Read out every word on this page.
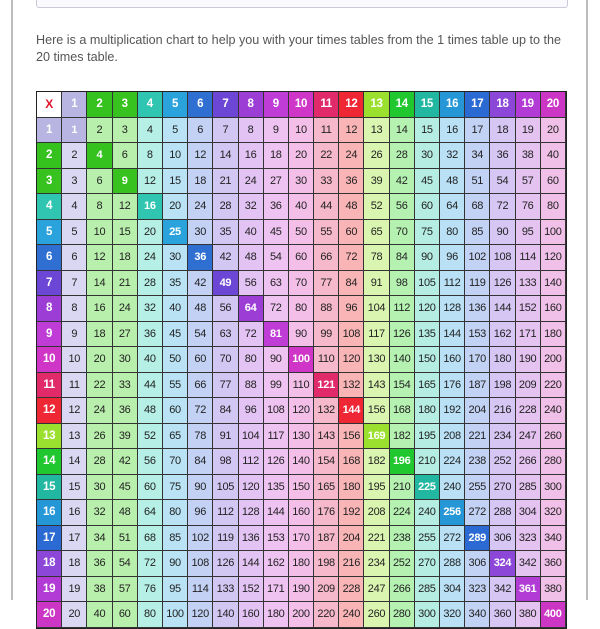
Here is a multiplication chart to help you with your times tables from the 1 times table up to the 20 times table.

X	1	2	3	4	5	6	7	8	9	10	11	12	13	14	15	16	17	18	19	20
1	1	2	3	4	5	6	7	8	9	10	11	12	13	14	15	16	17	18	19	20
2	2	4	6	8	10	12	14	16	18	20	22	24	26	28	30	32	34	36	38	40
3	3	6	9	12	15	18	21	24	27	30	33	36	39	42	45	48	51	54	57	60
4	4	8	12	16	20	24	28	32	36	40	44	48	52	56	60	64	68	72	76	80
5	5	10	15	20	25	30	35	40	45	50	55	60	65	70	75	80	85	90	95 100
6	6	12	18	24	30	36	42	48	54	60	66	72	78	84	90	96 102 108 114 120
7	7	14	21	28	35	42	49	56	63	70	77	84	91	98 105 112 119 126 133 140
8	8	16	24	32	40	48	56	64	72	80	88	96 104 112 120 128 136 144 152 160
9	9	18	27	36	45	54	63	72	81	90	99 108 117 126 135 144 153 162 171 180
10	10	20	30	40	50	60	70	80	90 100 110 120 130 140 150 160 170 180 190 200
11	11	22	33	44	55	66	77	88	99	110 121 132 143 154 165 176 187 198 209 220
12	12	24	36	48	60	72	84	96 108 120 132 144 156 168 180 192 204 216 228 240
13	13	26	39	52	65	78	91 104 117 130 143 156 169 182 195 208 221 234 247 260
14	14	28	42	56	70	84	98	112 126 140 154 168 182 196 210 224 238 252 266 280
15	15	30	45	60	75	90 105 120 135 150 165 180 195 210 225 240 255 270 285 300
16	16	32	48	64	80	96	112 128 144 160 176 192 208 224 240 256 272 288 304 320
17	17	34	51	68	85 102 119 136 153 170 187 204 221 238 255 272 289 306 323 340
18	18	36	54	72	90 108 126 144 162 180 198 216 234 252 270 288 306 324 342 360
19	19	38	57	76	95	114 133 152 171 190 209 228 247 266 285 304 323 342 361 380
20	20	40	60	80 100 120 140 160 180 200 220 240 260 280 300 320 340 360 380 400
